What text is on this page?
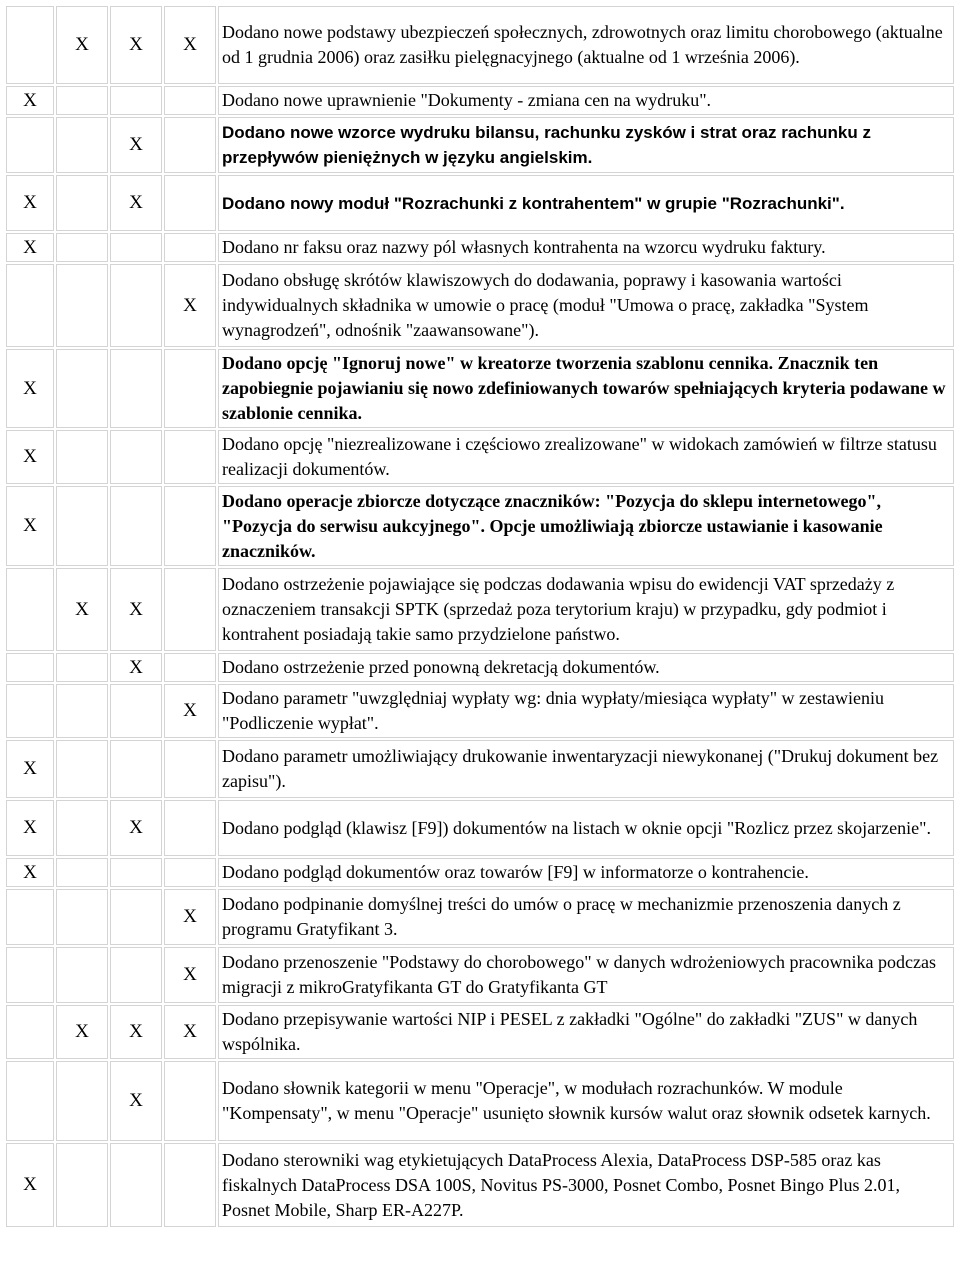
	X	X	X	Dodano nowe podstawy ubezpieczeń społecznych, zdrowotnych oraz limitu chorobowego (aktualne od 1 grudnia 2006) oraz zasiłku pielęgnacyjnego (aktualne od 1 września 2006).
X				Dodano nowe uprawnienie "Dokumenty - zmiana cen na wydruku".
		X		Dodano nowe wzorce wydruku bilansu, rachunku zysków i strat oraz rachunku z przepływów pieniężnych w języku angielskim.
X		X		Dodano nowy moduł "Rozrachunki z kontrahentem" w grupie "Rozrachunki".
X				Dodano nr faksu oraz nazwy pól własnych kontrahenta na wzorcu wydruku faktury.
			X	Dodano obsługę skrótów klawiszowych do dodawania, poprawy i kasowania wartości indywidualnych składnika w umowie o pracę (moduł "Umowa o pracę, zakładka "System wynagrodzeń", odnośnik "zaawansowane").
X				Dodano opcję "Ignoruj nowe" w kreatorze tworzenia szablonu cennika. Znacznik ten zapobiegnie pojawianiu się nowo zdefiniowanych towarów spełniających kryteria podawane w szablonie cennika.
X				Dodano opcję "niezrealizowane i częściowo zrealizowane" w widokach zamówień w filtrze statusu realizacji dokumentów.
X				Dodano operacje zbiorcze dotyczące znaczników: "Pozycja do sklepu internetowego", "Pozycja do serwisu aukcyjnego". Opcje umożliwiają zbiorcze ustawianie i kasowanie znaczników.
	X	X		Dodano ostrzeżenie pojawiające się podczas dodawania wpisu do ewidencji VAT sprzedaży z oznaczeniem transakcji SPTK (sprzedaż poza terytorium kraju) w przypadku, gdy podmiot i kontrahent posiadają takie samo przydzielone państwo.
		X		Dodano ostrzeżenie przed ponowną dekretacją dokumentów.
			X	Dodano parametr "uwzględniaj wypłaty wg: dnia wypłaty/miesiąca wypłaty" w zestawieniu "Podliczenie wypłat".
X				Dodano parametr umożliwiający drukowanie inwentaryzacji niewykonanej ("Drukuj dokument bez zapisu").
X		X		Dodano podgląd (klawisz [F9]) dokumentów na listach w oknie opcji "Rozlicz przez skojarzenie".
X				Dodano podgląd dokumentów oraz towarów [F9] w informatorze o kontrahencie.
			X	Dodano podpinanie domyślnej treści do umów o pracę w mechanizmie przenoszenia danych z programu Gratyfikant 3.
			X	Dodano przenoszenie "Podstawy do chorobowego" w danych wdrożeniowych pracownika podczas migracji z mikroGratyfikanta GT do Gratyfikanta GT
	X	X	X	Dodano przepisywanie wartości NIP i PESEL z zakładki "Ogólne" do zakładki "ZUS" w danych wspólnika.
		X		Dodano słownik kategorii w menu "Operacje", w modułach rozrachunków. W module "Kompensaty", w menu "Operacje" usunięto słownik kursów walut oraz słownik odsetek karnych.
X				Dodano sterowniki wag etykietujących DataProcess Alexia, DataProcess DSP-585 oraz kas fiskalnych DataProcess DSA 100S, Novitus PS-3000, Posnet Combo, Posnet Bingo Plus 2.01, Posnet Mobile, Sharp ER-A227P.
